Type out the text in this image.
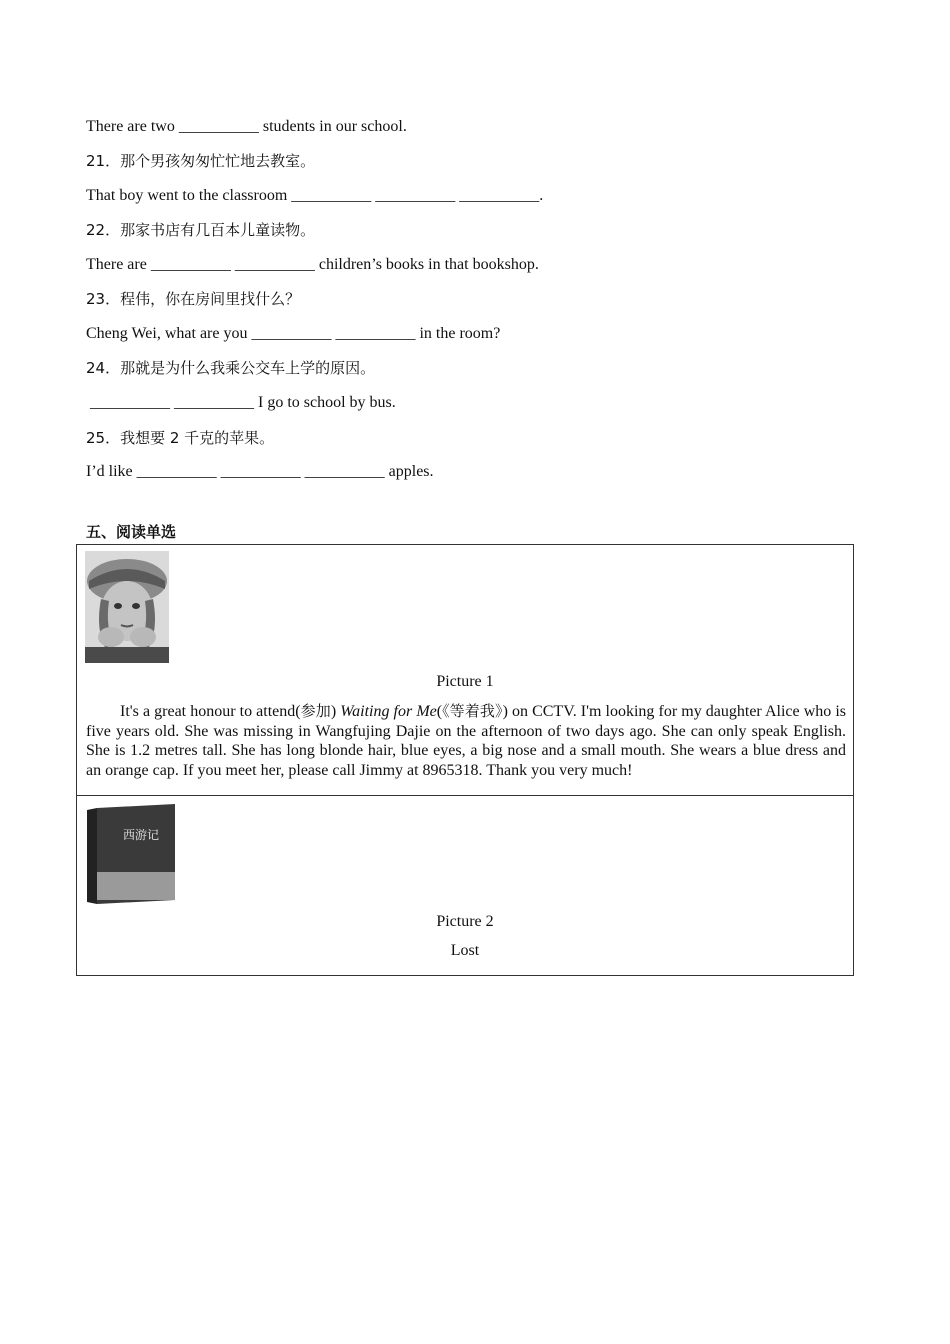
There are two __________ students in our school.
21．那个男孩匆匆忙忙地去教室。
That boy went to the classroom __________ __________ __________.
22．那家书店有几百本儿童读物。
There are __________ __________ children’s books in that bookshop.
23．程伟，你在房间里找什么？
Cheng Wei, what are you __________ __________ in the room?
24．那就是为什么我乘公交车上学的原因。
__________ __________ I go to school by bus.
25．我想要 2 千克的苹果。
I’d like __________ __________ __________ apples.
五、阅读单选
Picture 1
It's a great honour to attend(参加) Waiting for Me(《等着我》) on CCTV. I'm looking for my daughter Alice who is five years old. She was missing in Wangfujing Dajie on the afternoon of two days ago. She can only speak English. She is 1.2 metres tall. She has long blonde hair, blue eyes, a big nose and a small mouth. She wears a blue dress and an orange cap. If you meet her, please call Jimmy at 8965318. Thank you very much!
西游记
Picture 2
Lost
